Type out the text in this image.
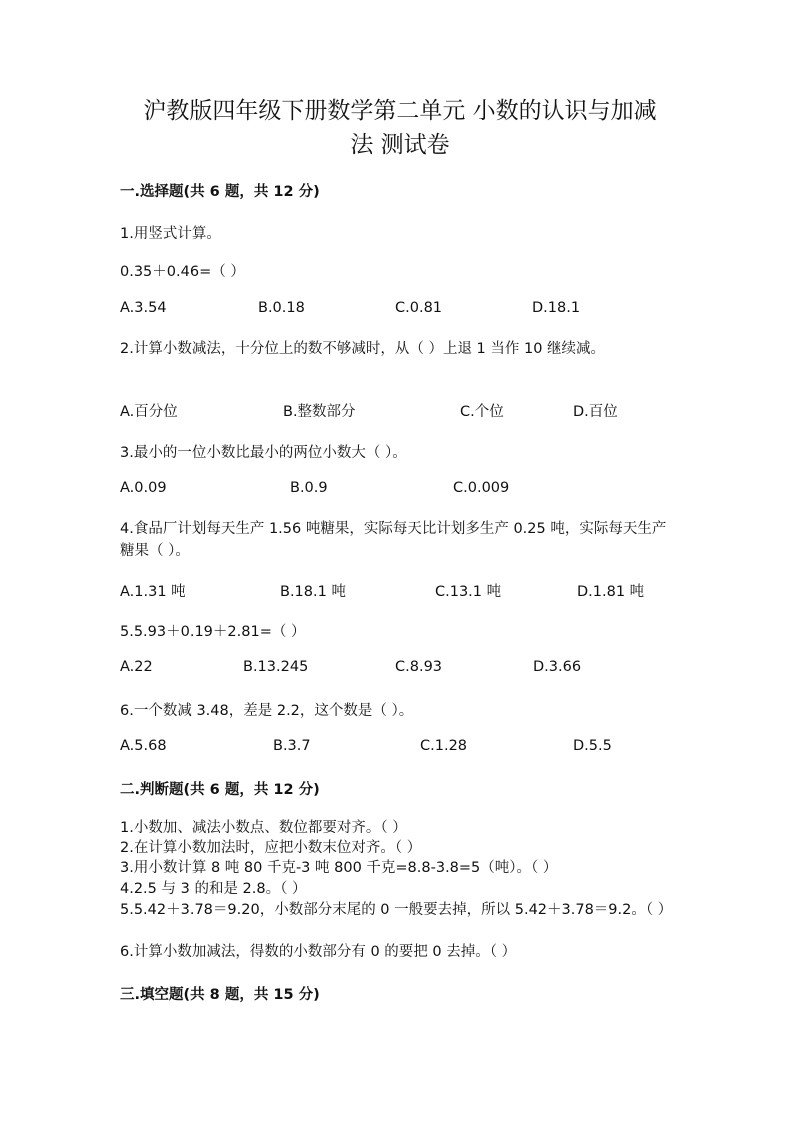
沪教版四年级下册数学第二单元 小数的认识与加减
法 测试卷
一.选择题(共 6 题，共 12 分)
1.用竖式计算。
0.35＋0.46=（ ）
A.3.54	B.0.18	C.0.81	D.18.1
2.计算小数减法，十分位上的数不够减时，从（ ）上退 1 当作 10 继续减。
A.百分位	B.整数部分	C.个位	D.百位
3.最小的一位小数比最小的两位小数大（ ）。
A.0.09	B.0.9	C.0.009
4.食品厂计划每天生产 1.56 吨糖果，实际每天比计划多生产 0.25 吨，实际每天生产糖果（ ）。
A.1.31 吨	B.18.1 吨	C.13.1 吨	D.1.81 吨
5.5.93＋0.19＋2.81=（ ）
A.22	B.13.245	C.8.93	D.3.66
6.一个数减 3.48，差是 2.2，这个数是（ ）。
A.5.68	B.3.7	C.1.28	D.5.5
二.判断题(共 6 题，共 12 分)
1.小数加、减法小数点、数位都要对齐。（ ）
2.在计算小数加法时，应把小数末位对齐。（ ）
3.用小数计算 8 吨 80 千克-3 吨 800 千克=8.8-3.8=5（吨）。（ ）
4.2.5 与 3 的和是 2.8。（ ）
5.5.42＋3.78＝9.20，小数部分末尾的 0 一般要去掉，所以 5.42＋3.78＝9.2。（ ）
6.计算小数加减法，得数的小数部分有 0 的要把 0 去掉。（ ）
三.填空题(共 8 题，共 15 分)
